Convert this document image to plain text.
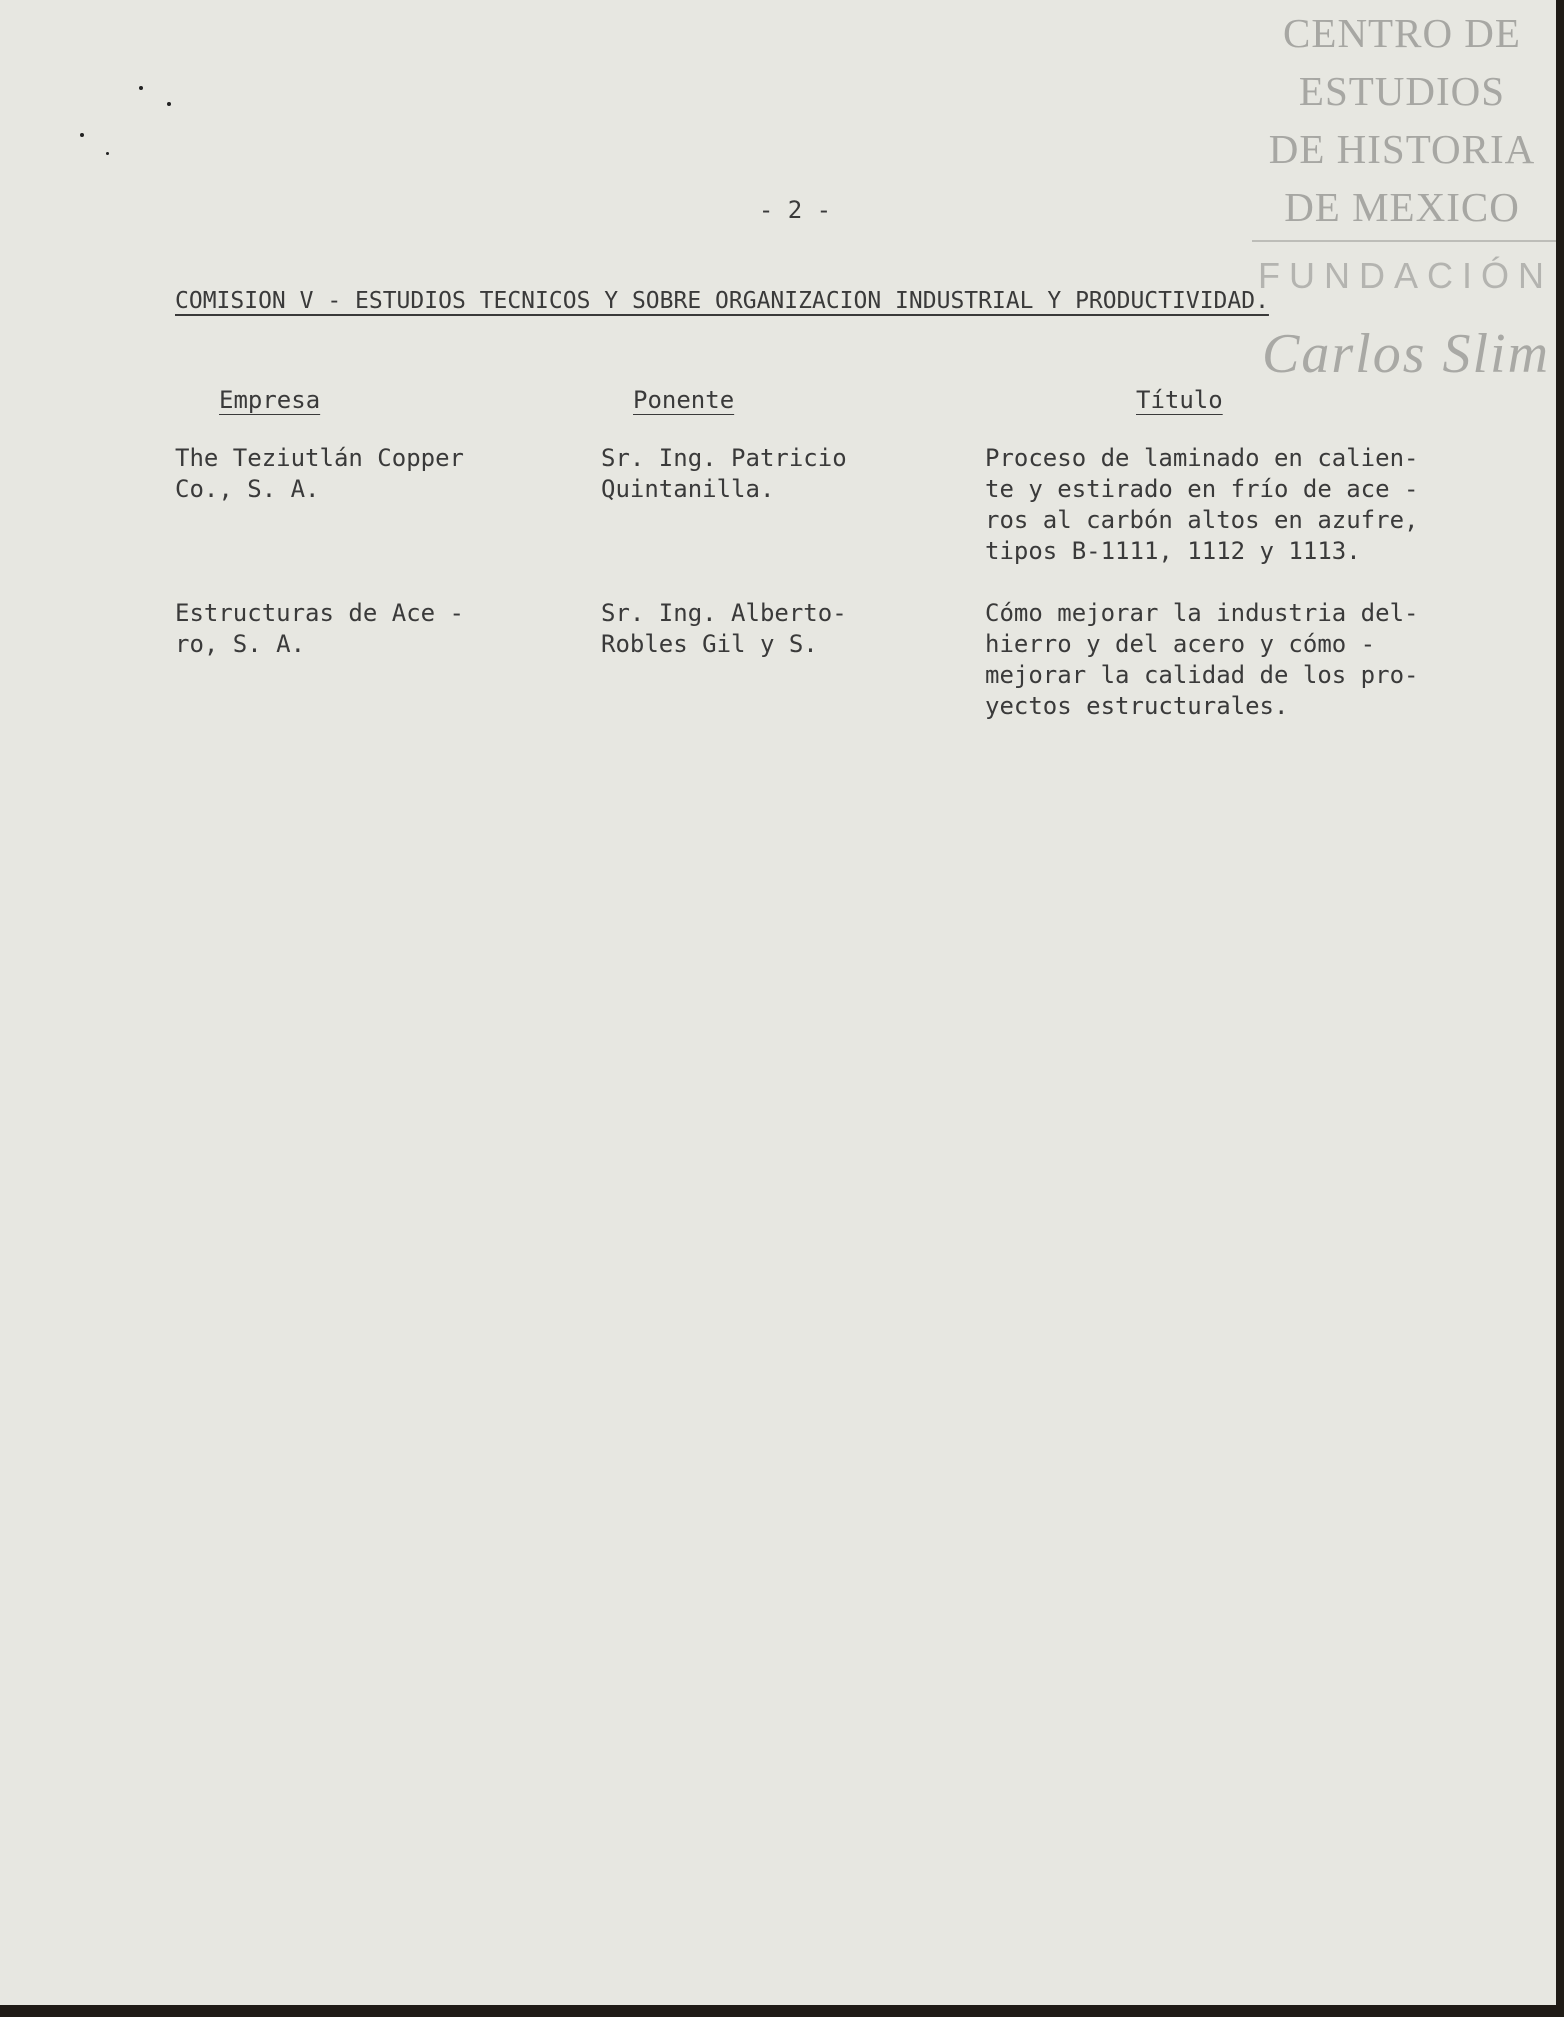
CENTRO DE
ESTUDIOS
DE HISTORIA
DE MEXICO
FUNDACIÓN
Carlos Slim
- 2 -
COMISION V - ESTUDIOS TECNICOS Y SOBRE ORGANIZACION INDUSTRIAL Y PRODUCTIVIDAD.
Empresa	Ponente	Título
The Teziutlán Copper
Co., S. A.
Sr. Ing. Patricio
Quintanilla.
Proceso de laminado en calien-
te y estirado en frío de ace -
ros al carbón altos en azufre,
tipos B-1111, 1112 y 1113.
Estructuras de Ace -
ro, S. A.
Sr. Ing. Alberto-
Robles Gil y S.
Cómo mejorar la industria del-
hierro y del acero y cómo -
mejorar la calidad de los pro-
yectos estructurales.
